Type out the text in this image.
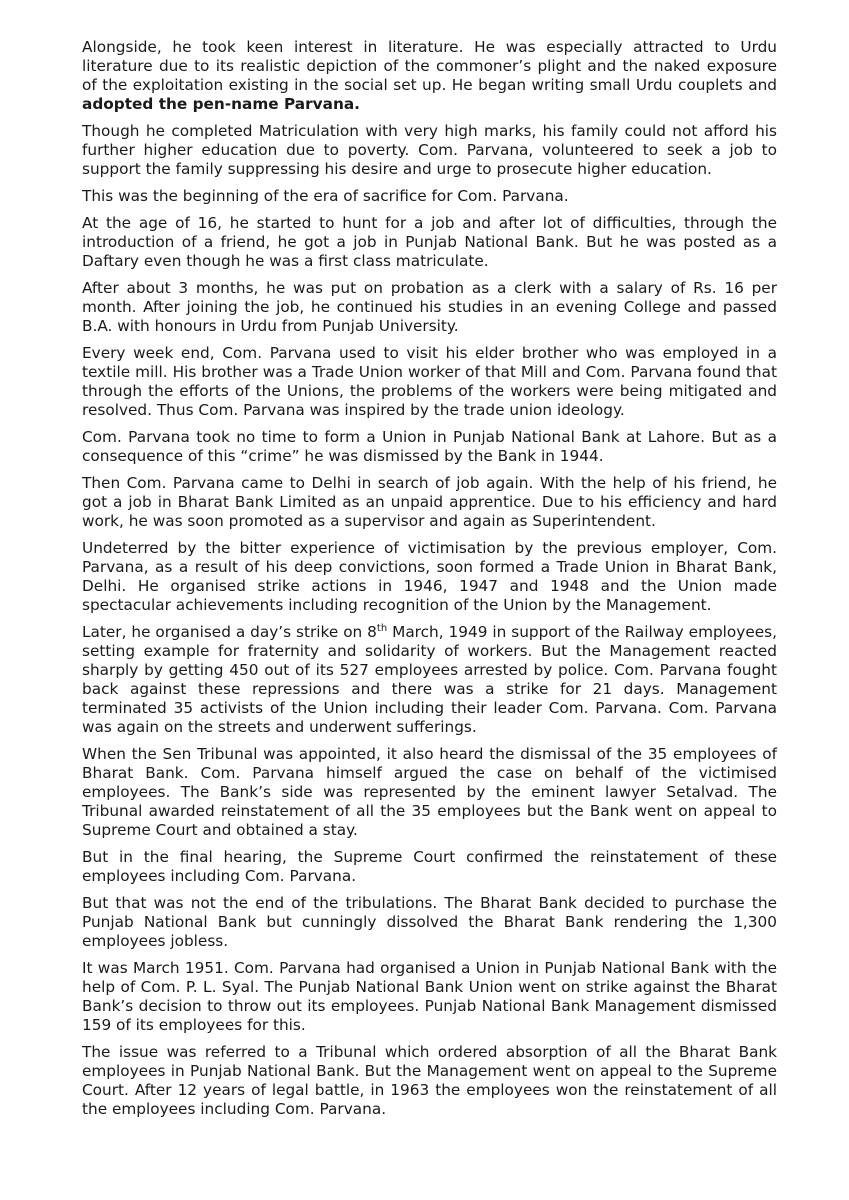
Alongside, he took keen interest in literature. He was especially attracted to Urdu literature due to its realistic depiction of the commoner’s plight and the naked exposure of the exploitation existing in the social set up. He began writing small Urdu couplets and adopted the pen-name Parvana.

Though he completed Matriculation with very high marks, his family could not afford his further higher education due to poverty. Com. Parvana, volunteered to seek a job to support the family suppressing his desire and urge to prosecute higher education.

This was the beginning of the era of sacrifice for Com. Parvana.

At the age of 16, he started to hunt for a job and after lot of difficulties, through the introduction of a friend, he got a job in Punjab National Bank. But he was posted as a Daftary even though he was a first class matriculate.

After about 3 months, he was put on probation as a clerk with a salary of Rs. 16 per month. After joining the job, he continued his studies in an evening College and passed B.A. with honours in Urdu from Punjab University.

Every week end, Com. Parvana used to visit his elder brother who was employed in a textile mill. His brother was a Trade Union worker of that Mill and Com. Parvana found that through the efforts of the Unions, the problems of the workers were being mitigated and resolved. Thus Com. Parvana was inspired by the trade union ideology.

Com. Parvana took no time to form a Union in Punjab National Bank at Lahore. But as a consequence of this “crime” he was dismissed by the Bank in 1944.

Then Com. Parvana came to Delhi in search of job again. With the help of his friend, he got a job in Bharat Bank Limited as an unpaid apprentice. Due to his efficiency and hard work, he was soon promoted as a supervisor and again as Superintendent.

Undeterred by the bitter experience of victimisation by the previous employer, Com. Parvana, as a result of his deep convictions, soon formed a Trade Union in Bharat Bank, Delhi. He organised strike actions in 1946, 1947 and 1948 and the Union made spectacular achievements including recognition of the Union by the Management.

Later, he organised a day’s strike on 8th March, 1949 in support of the Railway employees, setting example for fraternity and solidarity of workers. But the Management reacted sharply by getting 450 out of its 527 employees arrested by police. Com. Parvana fought back against these repressions and there was a strike for 21 days. Management terminated 35 activists of the Union including their leader Com. Parvana. Com. Parvana was again on the streets and underwent sufferings.

When the Sen Tribunal was appointed, it also heard the dismissal of the 35 employees of Bharat Bank. Com. Parvana himself argued the case on behalf of the victimised employees. The Bank’s side was represented by the eminent lawyer Setalvad. The Tribunal awarded reinstatement of all the 35 employees but the Bank went on appeal to Supreme Court and obtained a stay.

But in the final hearing, the Supreme Court confirmed the reinstatement of these employees including Com. Parvana.

But that was not the end of the tribulations. The Bharat Bank decided to purchase the Punjab National Bank but cunningly dissolved the Bharat Bank rendering the 1,300 employees jobless.

It was March 1951. Com. Parvana had organised a Union in Punjab National Bank with the help of Com. P. L. Syal. The Punjab National Bank Union went on strike against the Bharat Bank’s decision to throw out its employees. Punjab National Bank Management dismissed 159 of its employees for this.

The issue was referred to a Tribunal which ordered absorption of all the Bharat Bank employees in Punjab National Bank. But the Management went on appeal to the Supreme Court. After 12 years of legal battle, in 1963 the employees won the reinstatement of all the employees including Com. Parvana.
